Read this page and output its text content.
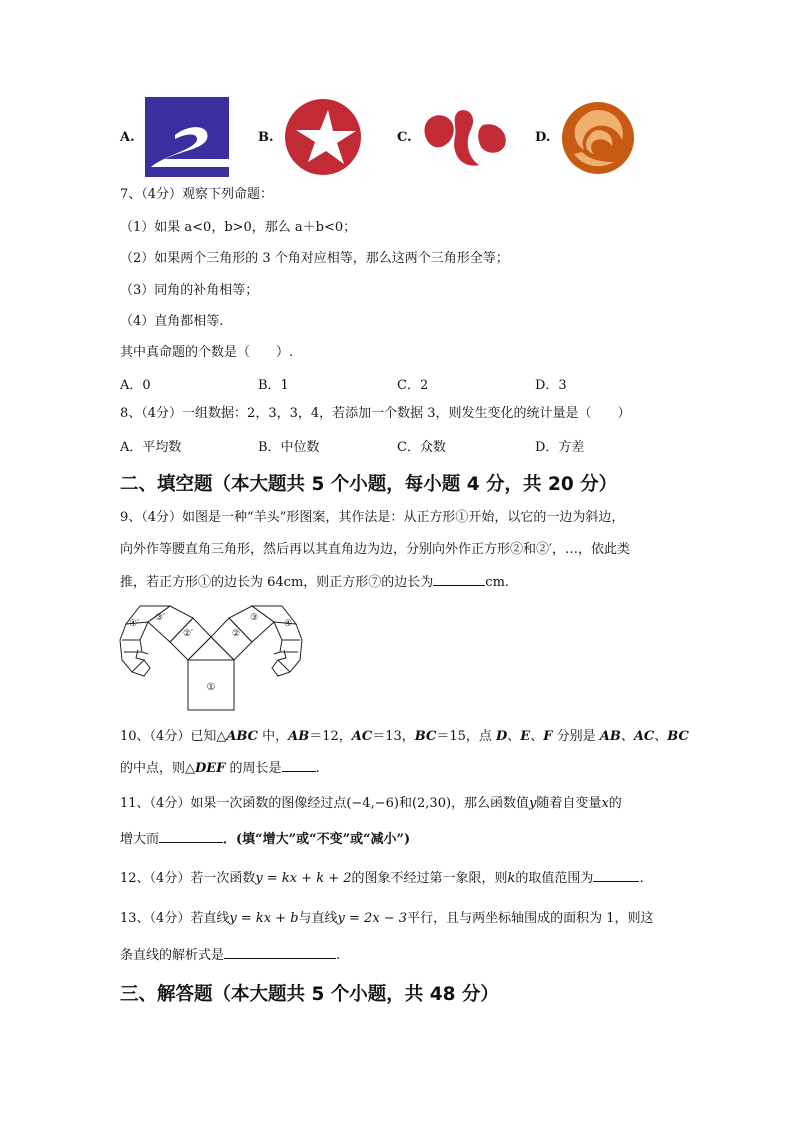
A.	B.	C.	D.
7、（4分）观察下列命题：
（1）如果 a<0，b>0，那么 a＋b<0；
（2）如果两个三角形的 3 个角对应相等，那么这两个三角形全等；
（3）同角的补角相等；
（4）直角都相等.
其中真命题的个数是（　　）.
A．0	B．1	C．2	D．3
8、（4分）一组数据：2，3，3，4，若添加一个数据 3，则发生变化的统计量是（　　）
A．平均数	B．中位数	C．众数	D．方差
二、填空题（本大题共 5 个小题，每小题 4 分，共 20 分）
9、（4分）如图是一种“羊头”形图案，其作法是：从正方形①开始，以它的一边为斜边，
向外作等腰直角三角形，然后再以其直角边为边，分别向外作正方形②和②′，…，依此类
推，若正方形①的边长为 64cm，则正方形⑦的边长为	cm.
①
②
②′
③
③′
④
④′
10、（4分）已知△ABC 中，AB＝12，AC＝13，BC＝15，点 D、E、F 分别是 AB、AC、BC
的中点，则△DEF 的周长是	.
11、（4分）如果一次函数的图像经过点(−4,−6)和(2,30)，那么函数值y随着自变量x的
增大而	．(填“增大”或“不变”或“减小”)
12、（4分）若一次函数y = kx + k + 2的图象不经过第一象限，则k的取值范围为	.
13、（4分）若直线y = kx + b与直线y = 2x − 3平行，且与两坐标轴围成的面积为 1，则这
条直线的解析式是	.
三、解答题（本大题共 5 个小题，共 48 分）
